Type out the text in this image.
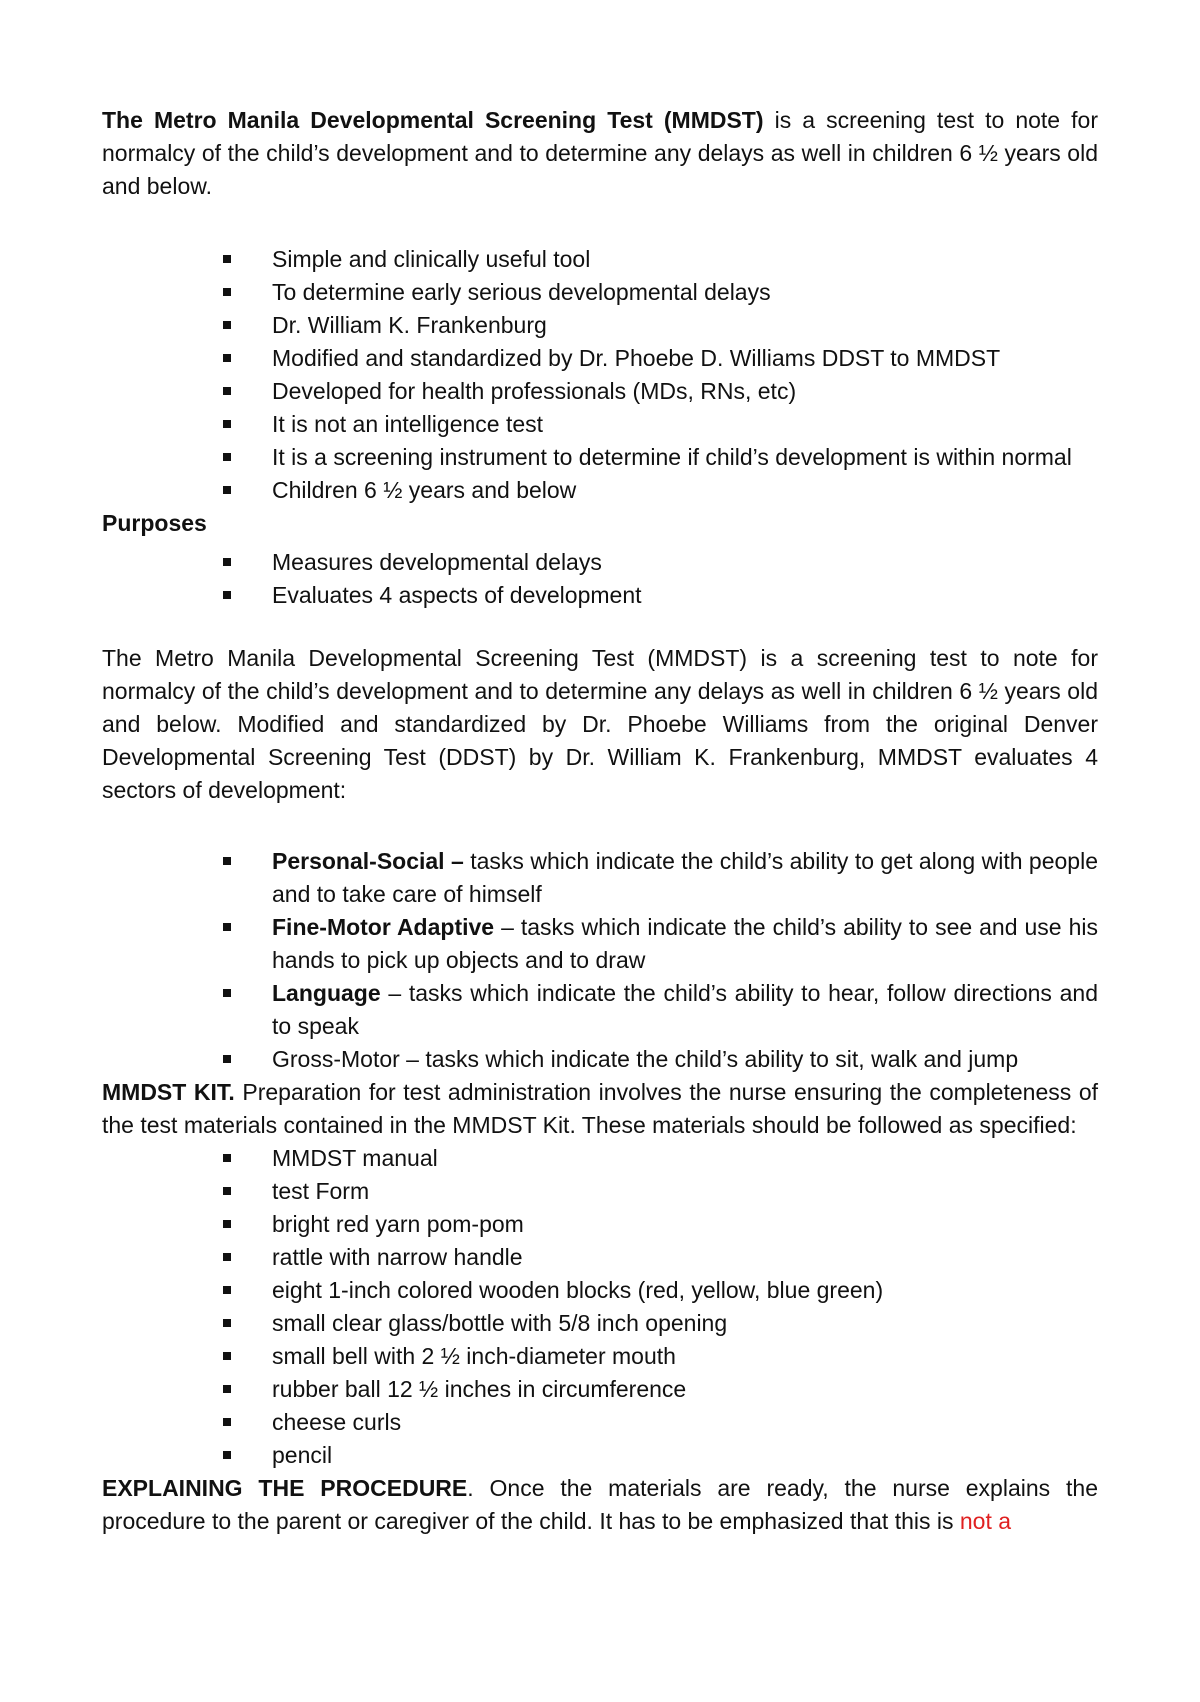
The Metro Manila Developmental Screening Test (MMDST) is a screening test to note for normalcy of the child’s development and to determine any delays as well in children 6 ½ years old and below.

Simple and clinically useful tool
To determine early serious developmental delays
Dr. William K. Frankenburg
Modified and standardized by Dr. Phoebe D. Williams DDST to MMDST
Developed for health professionals (MDs, RNs, etc)
It is not an intelligence test
It is a screening instrument to determine if child’s development is within normal
Children 6 ½ years and below

Purposes

Measures developmental delays
Evaluates 4 aspects of development

The Metro Manila Developmental Screening Test (MMDST) is a screening test to note for normalcy of the child’s development and to determine any delays as well in children 6 ½ years old and below. Modified and standardized by Dr. Phoebe Williams from the original Denver Developmental Screening Test (DDST) by Dr. William K. Frankenburg, MMDST evaluates 4 sectors of development:

Personal-Social – tasks which indicate the child’s ability to get along with people and to take care of himself
Fine-Motor Adaptive – tasks which indicate the child’s ability to see and use his hands to pick up objects and to draw
Language – tasks which indicate the child’s ability to hear, follow directions and to speak
Gross-Motor – tasks which indicate the child’s ability to sit, walk and jump

MMDST KIT. Preparation for test administration involves the nurse ensuring the completeness of the test materials contained in the MMDST Kit. These materials should be followed as specified:

MMDST manual
test Form
bright red yarn pom-pom
rattle with narrow handle
eight 1-inch colored wooden blocks (red, yellow, blue green)
small clear glass/bottle with 5/8 inch opening
small bell with 2 ½ inch-diameter mouth
rubber ball 12 ½ inches in circumference
cheese curls
pencil

EXPLAINING THE PROCEDURE. Once the materials are ready, the nurse explains the procedure to the parent or caregiver of the child. It has to be emphasized that this is not a
